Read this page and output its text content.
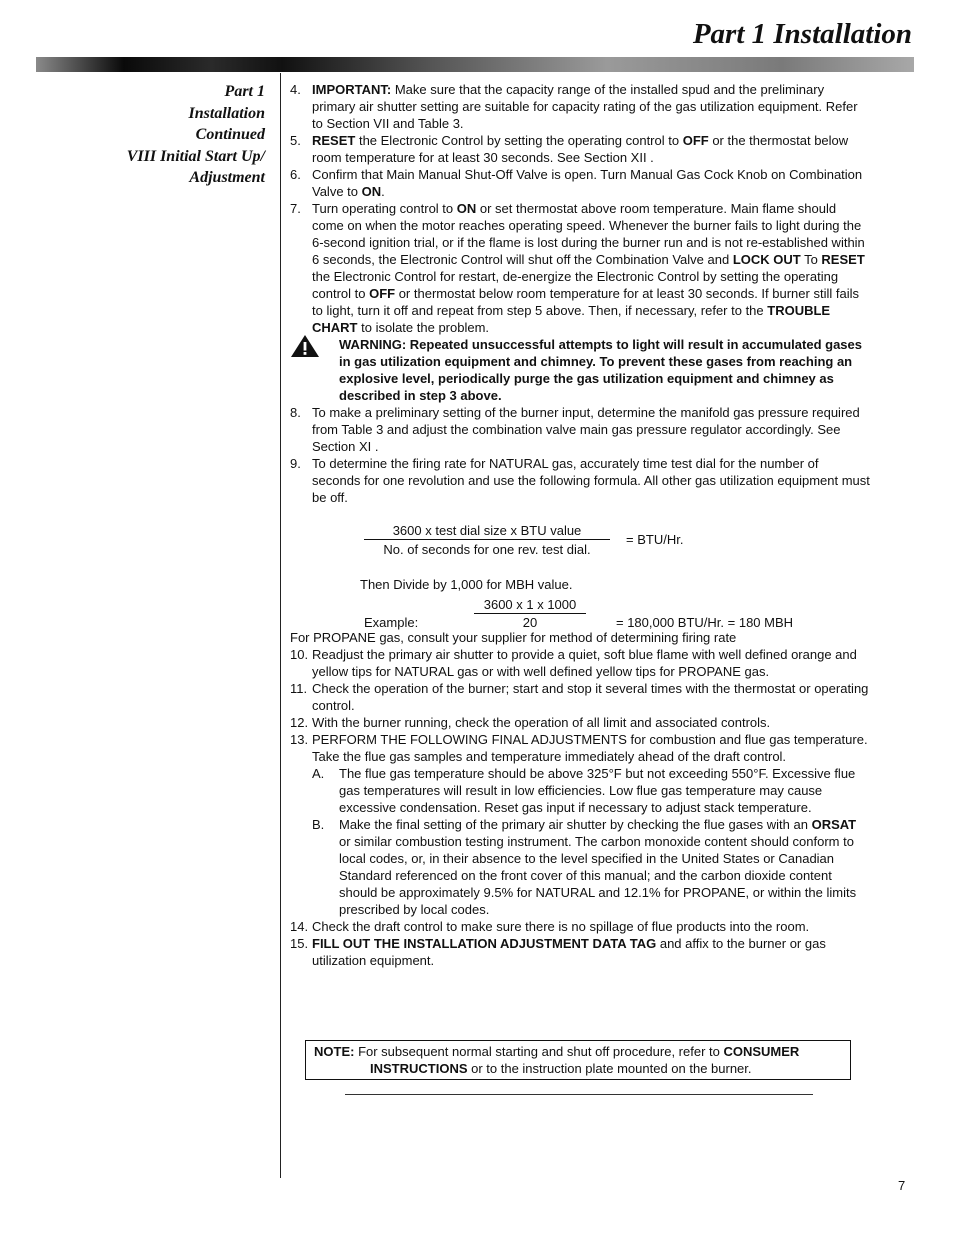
Part 1 Installation
Part 1
Installation
Continued
VIII Initial Start Up/
Adjustment
4. IMPORTANT: Make sure that the capacity range of the installed spud and the preliminary primary air shutter setting are suitable for capacity rating of the gas utilization equipment. Refer to Section VII and Table 3.
5. RESET the Electronic Control by setting the operating control to OFF or the thermostat below room temperature for at least 30 seconds. See Section XII .
6. Confirm that Main Manual Shut-Off Valve is open. Turn Manual Gas Cock Knob on Combination Valve to ON.
7. Turn operating control to ON or set thermostat above room temperature. Main flame should come on when the motor reaches operating speed. Whenever the burner fails to light during the 6-second ignition trial, or if the flame is lost during the burner run and is not re-established within 6 seconds, the Electronic Control will shut off the Combination Valve and LOCK OUT To RESET the Electronic Control for restart, de-energize the Electronic Control by setting the operating control to OFF or thermostat below room temperature for at least 30 seconds. If burner still fails to light, turn it off and repeat from step 5 above. Then, if necessary, refer to the TROUBLE CHART to isolate the problem.
WARNING: Repeated unsuccessful attempts to light will result in accumulated gases in gas utilization equipment and chimney. To prevent these gases from reaching an explosive level, periodically purge the gas utilization equipment and chimney as described in step 3 above.
8. To make a preliminary setting of the burner input, determine the manifold gas pressure required from Table 3 and adjust the combination valve main gas pressure regulator accordingly. See Section XI .
9. To determine the firing rate for NATURAL gas, accurately time test dial for the number of seconds for one revolution and use the following formula. All other gas utilization equipment must be off.
3600 x test dial size x BTU value
No. of seconds for one rev. test dial.
= BTU/Hr.
Then Divide by 1,000 for MBH value.
Example:	$\frac{3600 x 1 x 1000}{20} = 180,000$ BTU/Hr. = 180 MBH
For PROPANE gas, consult your supplier for method of determining firing rate
10. Readjust the primary air shutter to provide a quiet, soft blue flame with well defined orange and yellow tips for NATURAL gas or with well defined yellow tips for PROPANE gas.
11. Check the operation of the burner; start and stop it several times with the thermostat or operating control.
12. With the burner running, check the operation of all limit and associated controls.
13. PERFORM THE FOLLOWING FINAL ADJUSTMENTS for combustion and flue gas temperature. Take the flue gas samples and temperature immediately ahead of the draft control.
A. The flue gas temperature should be above 325°F but not exceeding 550°F. Excessive flue gas temperatures will result in low efficiencies. Low flue gas temperature may cause excessive condensation. Reset gas input if necessary to adjust stack temperature.
B. Make the final setting of the primary air shutter by checking the flue gases with an ORSAT or similar combustion testing instrument. The carbon monoxide content should conform to local codes, or, in their absence to the level specified in the United States or Canadian Standard referenced on the front cover of this manual; and the carbon dioxide content should be approximately 9.5% for NATURAL and 12.1% for PROPANE, or within the limits prescribed by local codes.
14. Check the draft control to make sure there is no spillage of flue products into the room.
15. FILL OUT THE INSTALLATION ADJUSTMENT DATA TAG and affix to the burner or gas utilization equipment.
NOTE: For subsequent normal starting and shut off procedure, refer to CONSUMER
INSTRUCTIONS or to the instruction plate mounted on the burner.
7
